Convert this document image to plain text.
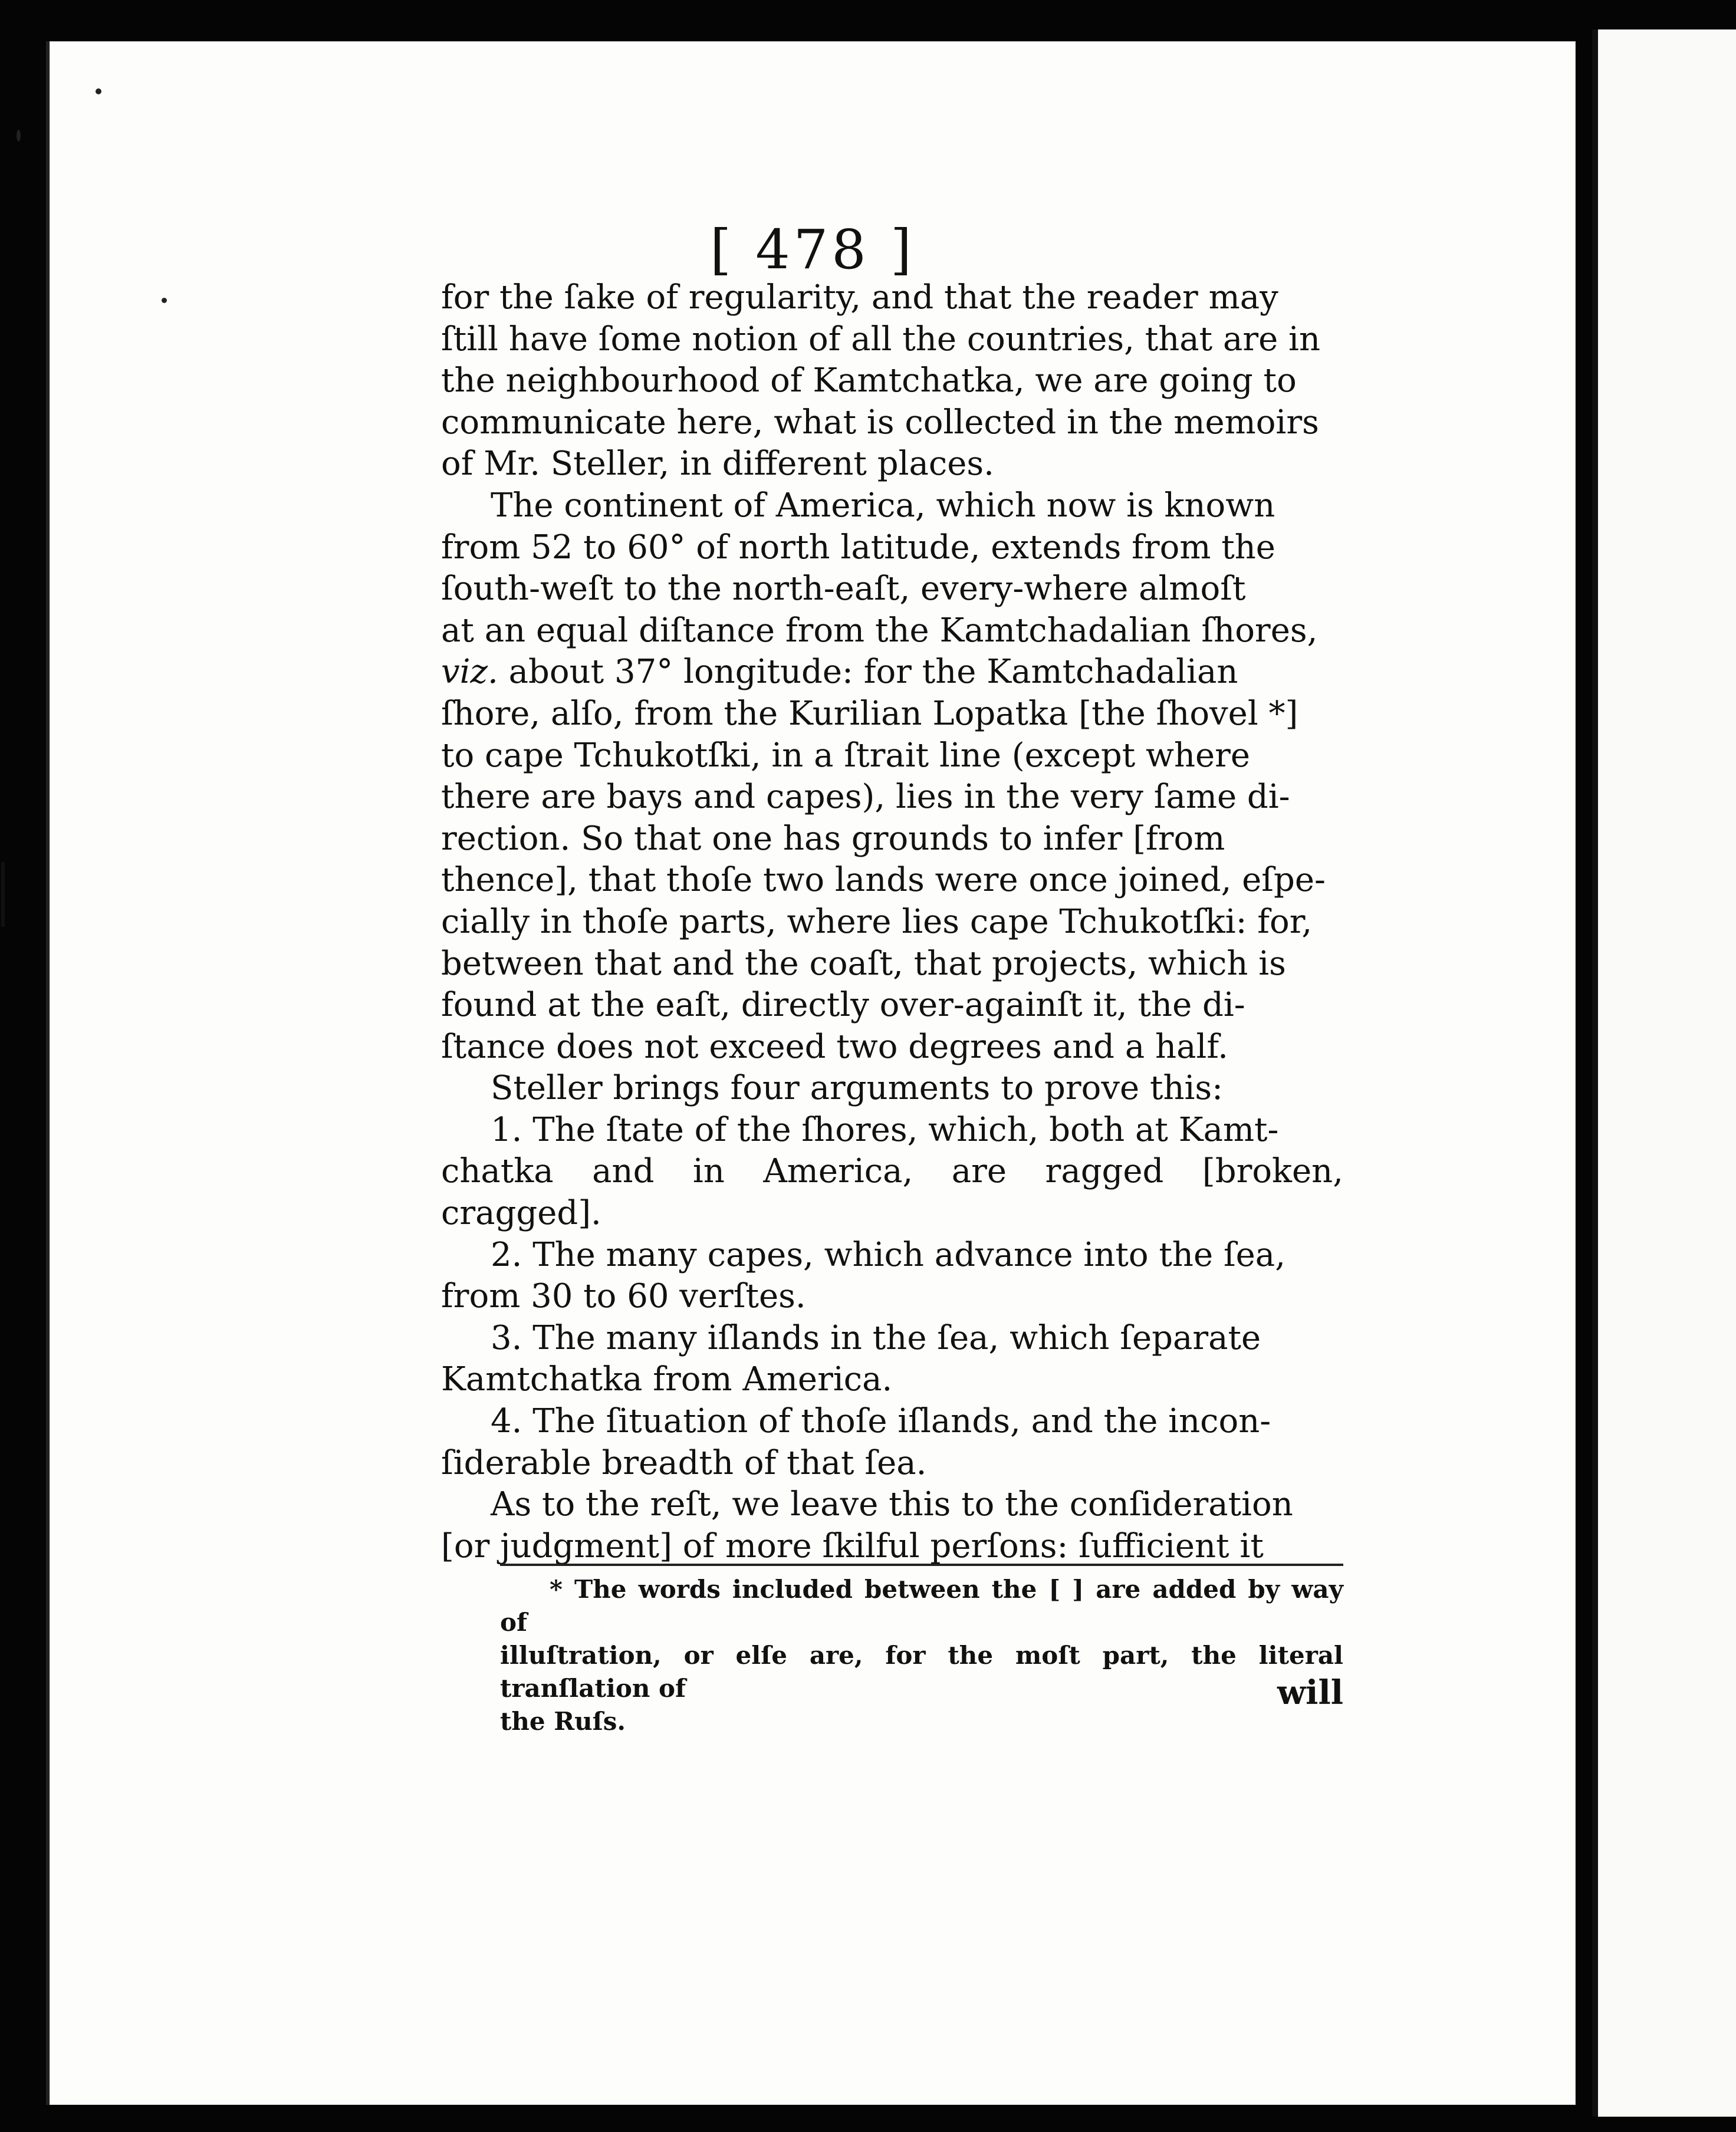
[ 478 ]

for the ſake of regularity, and that the reader may

ſtill have ſome notion of all the countries, that are in

the neighbourhood of Kamtchatka, we are going to

communicate here, what is collected in the memoirs

of Mr. Steller, in different places.

The continent of America, which now is known

from 52 to 60° of north latitude, extends from the

ſouth-weſt to the north-eaſt, every-where almoſt

at an equal diſtance from the Kamtchadalian ſhores,

viz. about 37° longitude: for the Kamtchadalian

ſhore, alſo, from the Kurilian Lopatka [the ſhovel *]

to cape Tchukotſki, in a ſtrait line (except where

there are bays and capes), lies in the very ſame di-

rection. So that one has grounds to infer [from

thence], that thoſe two lands were once joined, eſpe-

cially in thoſe parts, where lies cape Tchukotſki: for,

between that and the coaſt, that projects, which is

found at the eaſt, directly over-againſt it, the di-

ſtance does not exceed two degrees and a half.

Steller brings four arguments to prove this:

1. The ſtate of the ſhores, which, both at Kamt-

chatka and in America, are ragged [broken, cragged].

2. The many capes, which advance into the ſea,

from 30 to 60 verſtes.

3. The many iſlands in the ſea, which ſeparate

Kamtchatka from America.

4. The ſituation of thoſe iſlands, and the incon-

ſiderable breadth of that ſea.

As to the reſt, we leave this to the conſideration

[or judgment] of more ſkilful perſons: ſufficient it

* The words included between the [ ] are added by way of

illuſtration, or elſe are, for the moſt part, the literal tranſlation of
the Ruſs.
will
